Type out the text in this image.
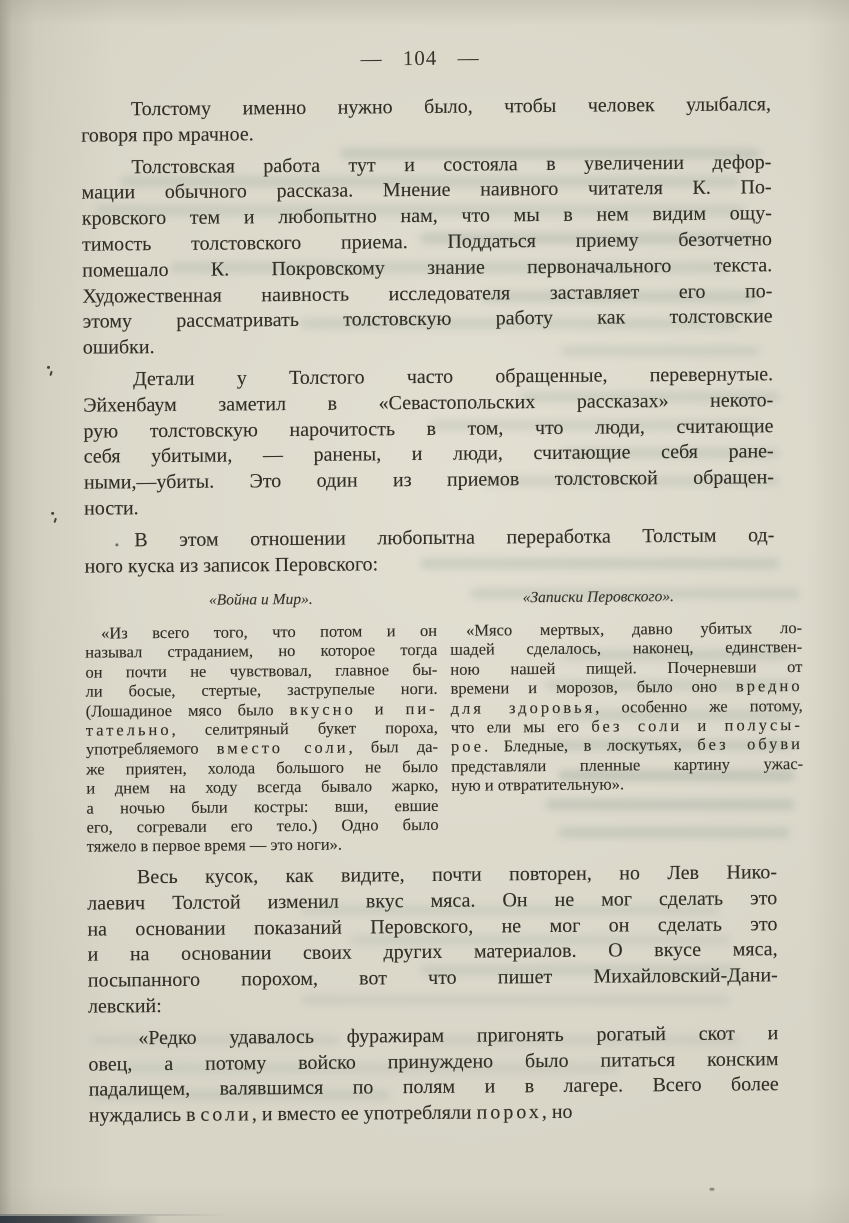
— 104 —
Толстому именно нужно было, чтобы человек улыбался,
говоря про мрачное.
Толстовская работа тут и состояла в увеличении дефор-
мации обычного рассказа. Мнение наивного читателя К. По-
кровского тем и любопытно нам, что мы в нем видим ощу-
тимость толстовского приема. Поддаться приему безотчетно
помешало К. Покровскому знание первоначального текста.
Художественная наивность исследователя заставляет его по-
этому рассматривать толстовскую работу как толстовские
ошибки.
Детали у Толстого часто обращенные, перевернутые.
Эйхенбаум заметил в «Севастопольских рассказах» некото-
рую толстовскую нарочитость в том, что люди, считающие
себя убитыми, — ранены, и люди, считающие себя ране-
ными,—убиты. Это один из приемов толстовской обращен-
ности.
В этом отношении любопытна переработка Толстым од-
ного куска из записок Перовского:
«Война и Мир».	«Записки Перовского».
«Из всего того, что потом и он
называл страданием, но которое тогда
он почти не чувствовал, главное бы-
ли босые, стертые, заструпелые ноги.
(Лошадиное мясо было вкусно и пи-
тательно, селитряный букет пороха,
употребляемого вместо соли, был да-
же приятен, холода большого не было
и днем на ходу всегда бывало жарко,
а ночью были костры: вши, евшие
его, согревали его тело.) Одно было
тяжело в первое время — это ноги».
«Мясо мертвых, давно убитых ло-
шадей сделалось, наконец, единствен-
ною нашей пищей. Почерневши от
времени и морозов, было оно вредно
для здоровья, особенно же потому,
что ели мы его без соли и полусы-
рое. Бледные, в лоскутьях, без обуви
представляли пленные картину ужас-
ную и отвратительную».
Весь кусок, как видите, почти повторен, но Лев Нико-
лаевич Толстой изменил вкус мяса. Он не мог сделать это
на основании показаний Перовского, не мог он сделать это
и на основании своих других материалов. О вкусе мяса,
посыпанного порохом, вот что пишет Михайловский-Дани-
левский:
«Редко удавалось фуражирам пригонять рогатый скот и
овец, а потому войско принуждено было питаться конским
падалищем, валявшимся по полям и в лагере. Всего более
нуждались в соли, и вместо ее употребляли порох, но
